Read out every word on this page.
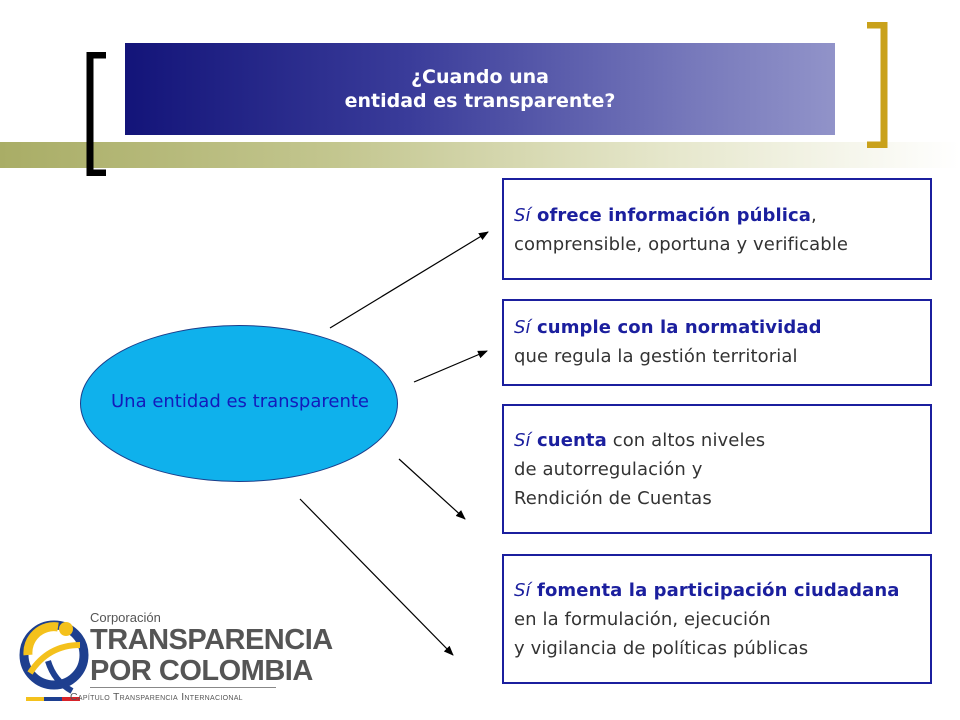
¿Cuando una
entidad es transparente?
Una entidad es transparente
Sí ofrece información pública,
comprensible, oportuna y verificable
Sí cumple con la normatividad
que regula la gestión territorial
Sí cuenta con altos niveles
de autorregulación y
Rendición de Cuentas
Sí fomenta la participación ciudadana
en la formulación, ejecución
y vigilancia de políticas públicas
Corporación
TRANSPARENCIA
POR COLOMBIA
Capítulo Transparencia Internacional
